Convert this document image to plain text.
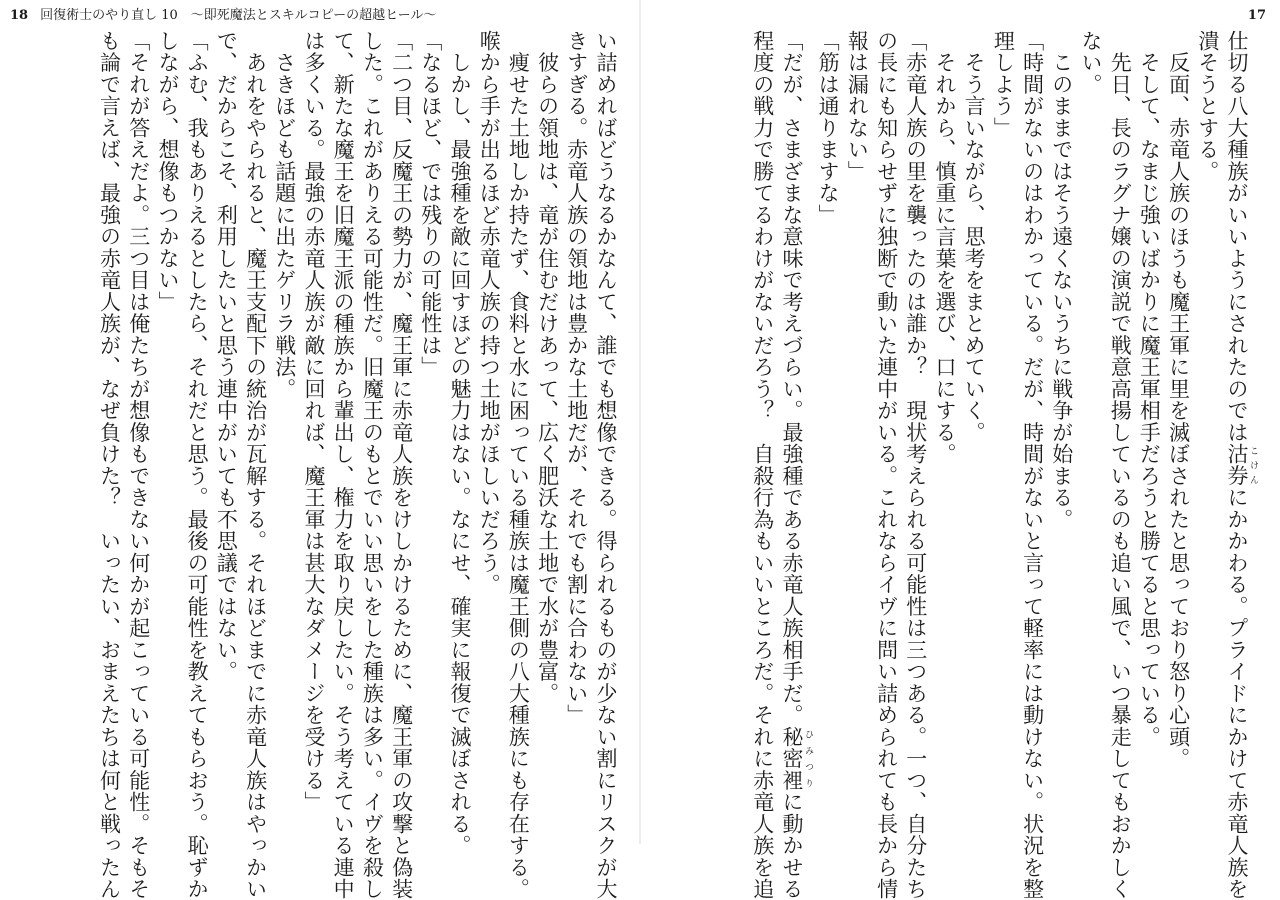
18 回復術士のやり直し 10　～即死魔法とスキルコピーの超越ヒール～

い詰めればどうなるかなんて、誰でも想像できる。得られるものが少ない割にリスクが大

きすぎる。赤竜人族の領地は豊かな土地だが、それでも割に合わない」

　彼らの領地は、竜が住むだけあって、広く肥沃な土地で水が豊富。

　痩せた土地しか持たず、食料と水に困っている種族は魔王側の八大種族にも存在する。

喉から手が出るほど赤竜人族の持つ土地がほしいだろう。

　しかし、最強種を敵に回すほどの魅力はない。なにせ、確実に報復で滅ぼされる。

「なるほど、では残りの可能性は」

「二つ目、反魔王の勢力が、魔王軍に赤竜人族をけしかけるために、魔王軍の攻撃と偽装

した。これがありえる可能性だ。旧魔王のもとでいい思いをした種族は多い。イヴを殺し

て、新たな魔王を旧魔王派の種族から輩出し、権力を取り戻したい。そう考えている連中

は多くいる。最強の赤竜人族が敵に回れば、魔王軍は甚大なダメージを受ける」

　さきほども話題に出たゲリラ戦法。

　あれをやられると、魔王支配下の統治が瓦解する。それほどまでに赤竜人族はやっかい

で、だからこそ、利用したいと思う連中がいても不思議ではない。

「ふむ、我もありえるとしたら、それだと思う。最後の可能性を教えてもらおう。恥ずか

しながら、想像もつかない」

「それが答えだよ。三つ目は俺たちが想像もできない何かが起こっている可能性。そもそ

も論で言えば、最強の赤竜人族が、なぜ負けた？　いったい、おまえたちは何と戦ったん

17

仕切る八大種族がいいようにされたのでは沽券 こけんにかかわる。プライドにかけて赤竜人族を

潰そうとする。

　反面、赤竜人族のほうも魔王軍に里を滅ぼされたと思っており怒り心頭。

　そして、なまじ強いばかりに魔王軍相手だろうと勝てると思っている。

　先日、長のラグナ嬢の演説で戦意高揚しているのも追い風で、いつ暴走してもおかしく

ない。

　このままではそう遠くないうちに戦争が始まる。

「時間がないのはわかっている。だが、時間がないと言って軽率には動けない。状況を整

理しよう」

　そう言いながら、思考をまとめていく。

　それから、慎重に言葉を選び、口にする。

「赤竜人族の里を襲ったのは誰か？　現状考えられる可能性は三つある。一つ、自分たち

の長にも知らせずに独断で動いた連中がいる。これならイヴに問い詰められても長から情

報は漏れない」

「筋は通りますな」

「だが、さまざまな意味で考えづらい。最強種である赤竜人族相手だ。秘密裡 ひみつりに動かせる

程度の戦力で勝てるわけがないだろう？　自殺行為もいいところだ。それに赤竜人族を追
